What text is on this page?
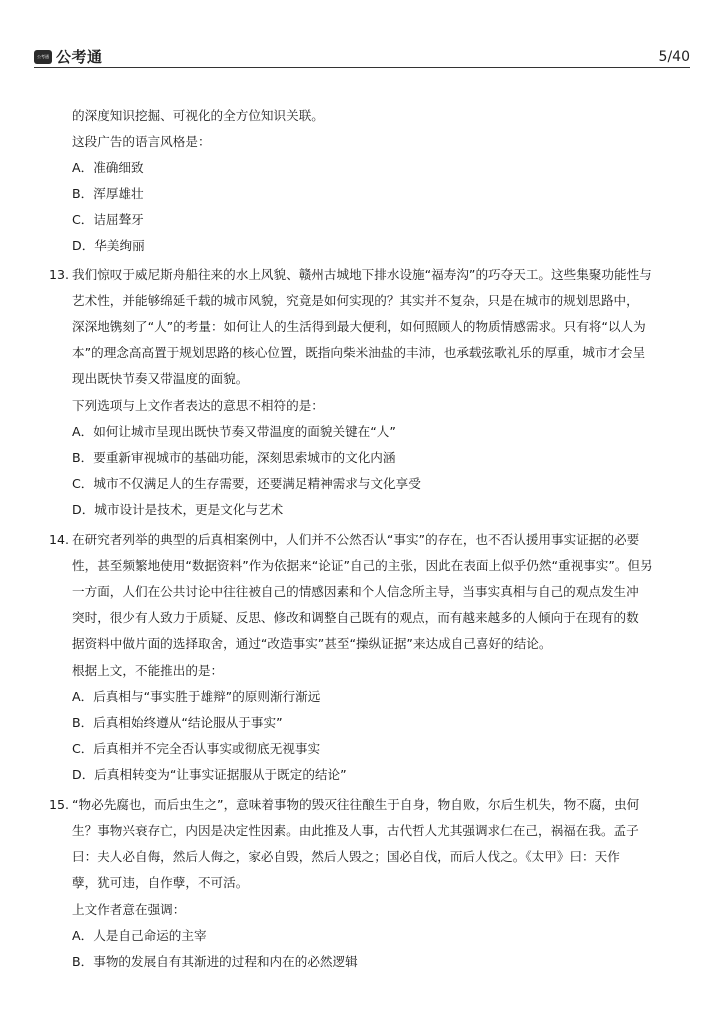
公考通 公考通	5/40
的深度知识挖掘、可视化的全方位知识关联。
这段广告的语言风格是：
A．准确细致
B．浑厚雄壮
C．诘屈聱牙
D．华美绚丽
13. 我们惊叹于威尼斯舟船往来的水上风貌、赣州古城地下排水设施“福寿沟”的巧夺天工。这些集聚功能性与
艺术性，并能够绵延千载的城市风貌，究竟是如何实现的？其实并不复杂，只是在城市的规划思路中，
深深地镌刻了“人”的考量：如何让人的生活得到最大便利，如何照顾人的物质情感需求。只有将“以人为
本”的理念高高置于规划思路的核心位置，既指向柴米油盐的丰沛，也承载弦歌礼乐的厚重，城市才会呈
现出既快节奏又带温度的面貌。
下列选项与上文作者表达的意思不相符的是：
A．如何让城市呈现出既快节奏又带温度的面貌关键在“人”
B．要重新审视城市的基础功能，深刻思索城市的文化内涵
C．城市不仅满足人的生存需要，还要满足精神需求与文化享受
D．城市设计是技术，更是文化与艺术
14. 在研究者列举的典型的后真相案例中，人们并不公然否认“事实”的存在，也不否认援用事实证据的必要
性，甚至频繁地使用“数据资料”作为依据来“论证”自己的主张，因此在表面上似乎仍然“重视事实”。但另
一方面，人们在公共讨论中往往被自己的情感因素和个人信念所主导，当事实真相与自己的观点发生冲
突时，很少有人致力于质疑、反思、修改和调整自己既有的观点，而有越来越多的人倾向于在现有的数
据资料中做片面的选择取舍，通过“改造事实”甚至“操纵证据”来达成自己喜好的结论。
根据上文，不能推出的是：
A．后真相与“事实胜于雄辩”的原则渐行渐远
B．后真相始终遵从“结论服从于事实”
C．后真相并不完全否认事实或彻底无视事实
D．后真相转变为“让事实证据服从于既定的结论”
15. “物必先腐也，而后虫生之”，意味着事物的毁灭往往酿生于自身，物自败，尔后生机失，物不腐，虫何
生？事物兴衰存亡，内因是决定性因素。由此推及人事，古代哲人尤其强调求仁在己，祸福在我。孟子
曰：夫人必自侮，然后人侮之，家必自毁，然后人毁之；国必自伐，而后人伐之。《太甲》曰：天作
孽，犹可违，自作孽，不可活。
上文作者意在强调：
A．人是自己命运的主宰
B．事物的发展自有其渐进的过程和内在的必然逻辑
